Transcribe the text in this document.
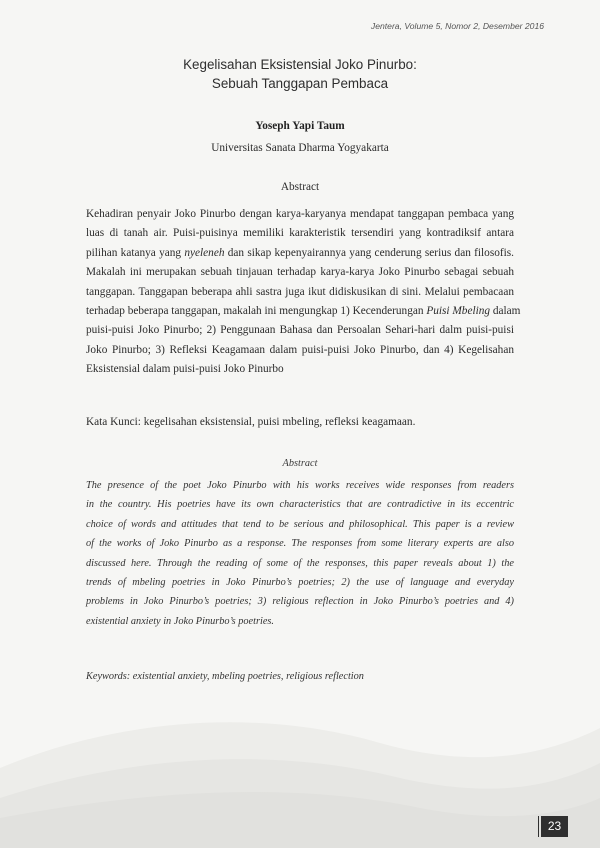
Jentera, Volume 5, Nomor 2, Desember 2016
Kegelisahan Eksistensial Joko Pinurbo:
Sebuah Tanggapan Pembaca
Yoseph Yapi Taum
Universitas Sanata Dharma Yogyakarta
Abstract
Kehadiran penyair Joko Pinurbo dengan karya-karyanya mendapat tanggapan pembaca yang
luas di tanah air. Puisi-puisinya memiliki karakteristik tersendiri yang kontradiksif antara
pilihan katanya yang nyeleneh dan sikap kepenyairannya yang cenderung serius dan filosofis.
Makalah ini merupakan sebuah tinjauan terhadap karya-karya Joko Pinurbo sebagai sebuah
tanggapan. Tanggapan beberapa ahli sastra juga ikut didiskusikan di sini. Melalui pembacaan
terhadap beberapa tanggapan, makalah ini mengungkap 1) Kecenderungan Puisi Mbeling dalam
puisi-puisi Joko Pinurbo; 2) Penggunaan Bahasa dan Persoalan Sehari-hari dalm puisi-puisi
Joko Pinurbo; 3) Refleksi Keagamaan dalam puisi-puisi Joko Pinurbo, dan 4) Kegelisahan
Eksistensial dalam puisi-puisi Joko Pinurbo
Kata Kunci: kegelisahan eksistensial, puisi mbeling, refleksi keagamaan.
Abstract
The presence of the poet Joko Pinurbo with his works receives wide responses from readers
in the country. His poetries have its own characteristics that are contradictive in its eccentric
choice of words and attitudes that tend to be serious and philosophical. This paper is a review
of the works of Joko Pinurbo as a response. The responses from some literary experts are also
discussed here. Through the reading of some of the responses, this paper reveals about 1) the
trends of mbeling poetries in Joko Pinurbo’s poetries; 2) the use of language and everyday
problems in Joko Pinurbo’s poetries; 3) religious reflection in Joko Pinurbo’s poetries and 4)
existential anxiety in Joko Pinurbo’s poetries.
Keywords: existential anxiety, mbeling poetries, religious reflection
23
